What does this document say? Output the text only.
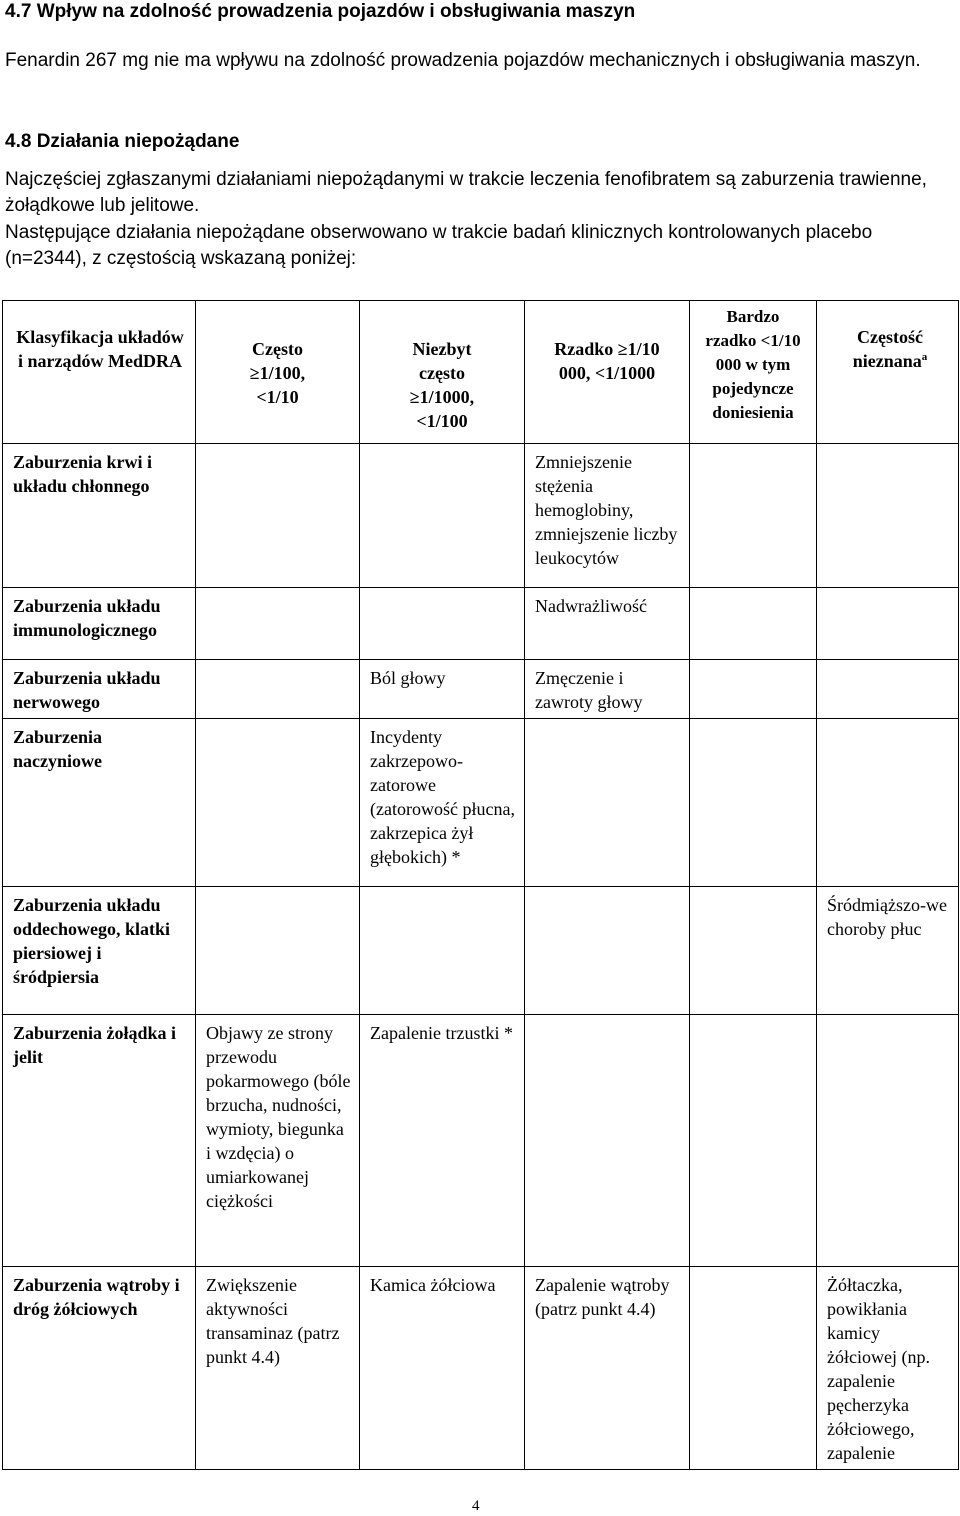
4.7 Wpływ na zdolność prowadzenia pojazdów i obsługiwania maszyn
Fenardin 267 mg nie ma wpływu na zdolność prowadzenia pojazdów mechanicznych i obsługiwania maszyn.
4.8 Działania niepożądane
Najczęściej zgłaszanymi działaniami niepożądanymi w trakcie leczenia fenofibratem są zaburzenia trawienne, żołądkowe lub jelitowe.
Następujące działania niepożądane obserwowano w trakcie badań klinicznych kontrolowanych placebo (n=2344), z częstością wskazaną poniżej:
Klasyfikacja układów i narządów MedDRA	Często ≥1/100, <1/10	Niezbyt często ≥1/1000, <1/100	Rzadko ≥1/10 000, <1/1000	Bardzo rzadko <1/10 000 w tym pojedyncze doniesienia	Częstość nieznana$^a$
Zaburzenia krwi i układu chłonnego			Zmniejszenie stężenia hemoglobiny, zmniejszenie liczby leukocytów		
Zaburzenia układu immunologicznego			Nadwrażliwość		
Zaburzenia układu nerwowego		Ból głowy	Zmęczenie i zawroty głowy		
Zaburzenia naczyniowe		Incydenty zakrzepowo-zatorowe (zatorowość płucna, zakrzepica żył głębokich) *			
Zaburzenia układu oddechowego, klatki piersiowej i śródpiersia					Śródmiąższo-we choroby płuc
Zaburzenia żołądka i jelit	Objawy ze strony przewodu pokarmowego (bóle brzucha, nudności, wymioty, biegunka i wzdęcia) o umiarkowanej ciężkości	Zapalenie trzustki *			
Zaburzenia wątroby i dróg żółciowych	Zwiększenie aktywności transaminaz (patrz punkt 4.4)	Kamica żółciowa	Zapalenie wątroby (patrz punkt 4.4)		Żółtaczka, powikłania kamicy żółciowej (np. zapalenie pęcherzyka żółciowego, zapalenie
4
